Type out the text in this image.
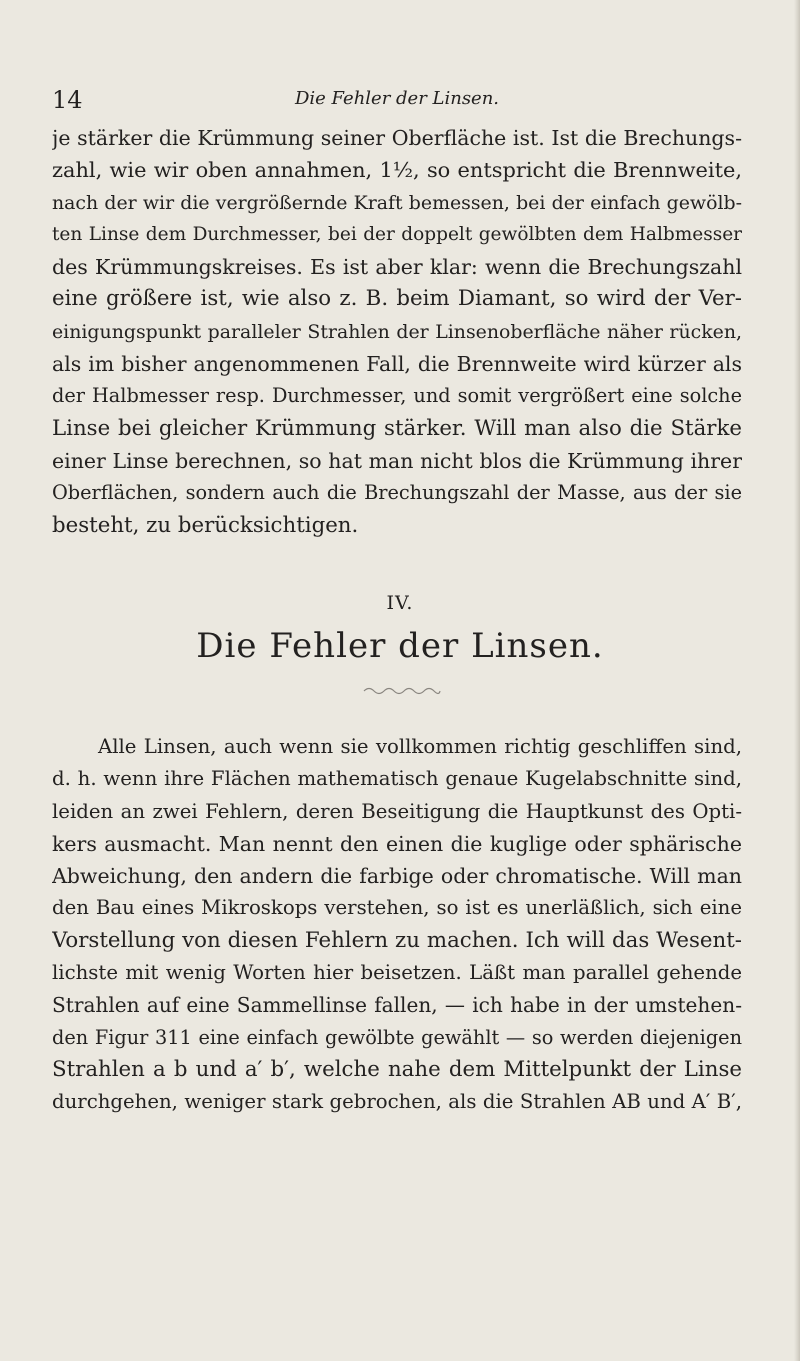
14	Die Fehler der Linsen.
je stärker die Krümmung seiner Oberfläche ist. Ist die Brechungs-
zahl, wie wir oben annahmen, 1½, so entspricht die Brennweite,
nach der wir die vergrößernde Kraft bemessen, bei der einfach gewölb-
ten Linse dem Durchmesser, bei der doppelt gewölbten dem Halbmesser
des Krümmungskreises. Es ist aber klar: wenn die Brechungszahl
eine größere ist, wie also z. B. beim Diamant, so wird der Ver-
einigungspunkt paralleler Strahlen der Linsenoberfläche näher rücken,
als im bisher angenommenen Fall, die Brennweite wird kürzer als
der Halbmesser resp. Durchmesser, und somit vergrößert eine solche
Linse bei gleicher Krümmung stärker. Will man also die Stärke
einer Linse berechnen, so hat man nicht blos die Krümmung ihrer
Oberflächen, sondern auch die Brechungszahl der Masse, aus der sie
besteht, zu berücksichtigen.
IV.
Die Fehler der Linsen.
Alle Linsen, auch wenn sie vollkommen richtig geschliffen sind,
d. h. wenn ihre Flächen mathematisch genaue Kugelabschnitte sind,
leiden an zwei Fehlern, deren Beseitigung die Hauptkunst des Opti-
kers ausmacht. Man nennt den einen die kuglige oder sphärische
Abweichung, den andern die farbige oder chromatische. Will man
den Bau eines Mikroskops verstehen, so ist es unerläßlich, sich eine
Vorstellung von diesen Fehlern zu machen. Ich will das Wesent-
lichste mit wenig Worten hier beisetzen. Läßt man parallel gehende
Strahlen auf eine Sammellinse fallen, — ich habe in der umstehen-
den Figur 311 eine einfach gewölbte gewählt — so werden diejenigen
Strahlen a b und a′ b′, welche nahe dem Mittelpunkt der Linse
durchgehen, weniger stark gebrochen, als die Strahlen AB und A′ B′,
